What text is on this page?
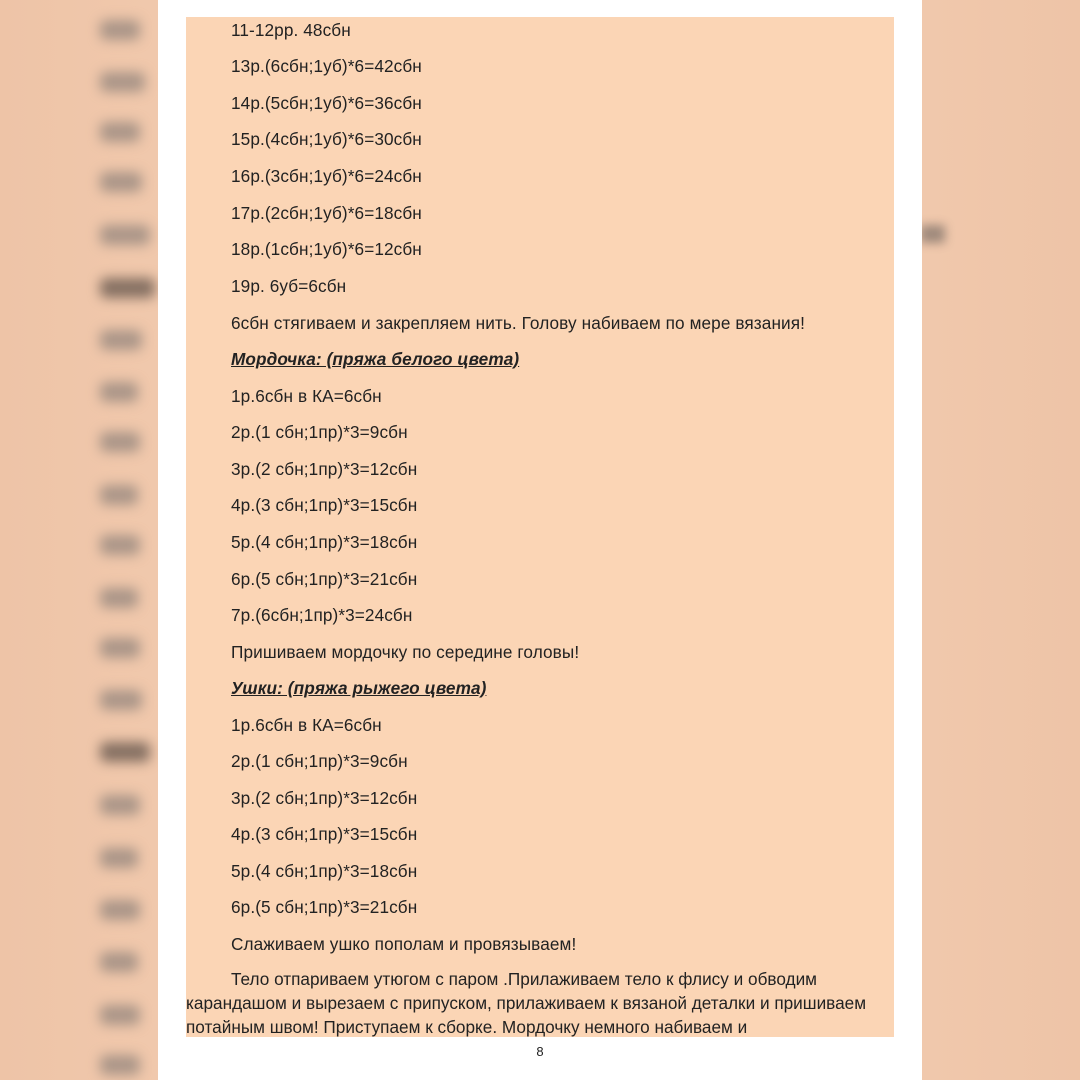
11-12рр. 48сбн
13р.(6сбн;1уб)*6=42сбн
14р.(5сбн;1уб)*6=36сбн
15р.(4сбн;1уб)*6=30сбн
16р.(3сбн;1уб)*6=24сбн
17р.(2сбн;1уб)*6=18сбн
18р.(1сбн;1уб)*6=12сбн
19р. 6уб=6сбн
6сбн стягиваем и закрепляем нить. Голову набиваем по мере вязания!
Мордочка: (пряжа белого цвета)
1р.6сбн в КА=6сбн
2р.(1 сбн;1пр)*3=9сбн
3р.(2 сбн;1пр)*3=12сбн
4р.(3 сбн;1пр)*3=15сбн
5р.(4 сбн;1пр)*3=18сбн
6р.(5 сбн;1пр)*3=21сбн
7р.(6сбн;1пр)*3=24сбн
Пришиваем мордочку по середине головы!
Ушки: (пряжа рыжего цвета)
1р.6сбн в КА=6сбн
2р.(1 сбн;1пр)*3=9сбн
3р.(2 сбн;1пр)*3=12сбн
4р.(3 сбн;1пр)*3=15сбн
5р.(4 сбн;1пр)*3=18сбн
6р.(5 сбн;1пр)*3=21сбн
Слаживаем ушко пополам и провязываем!
Тело отпариваем утюгом с паром .Прилаживаем тело к флису и обводим карандашом и вырезаем с припуском, прилаживаем к вязаной деталки и пришиваем потайным швом! Приступаем к сборке. Мордочку немного набиваем и
8
